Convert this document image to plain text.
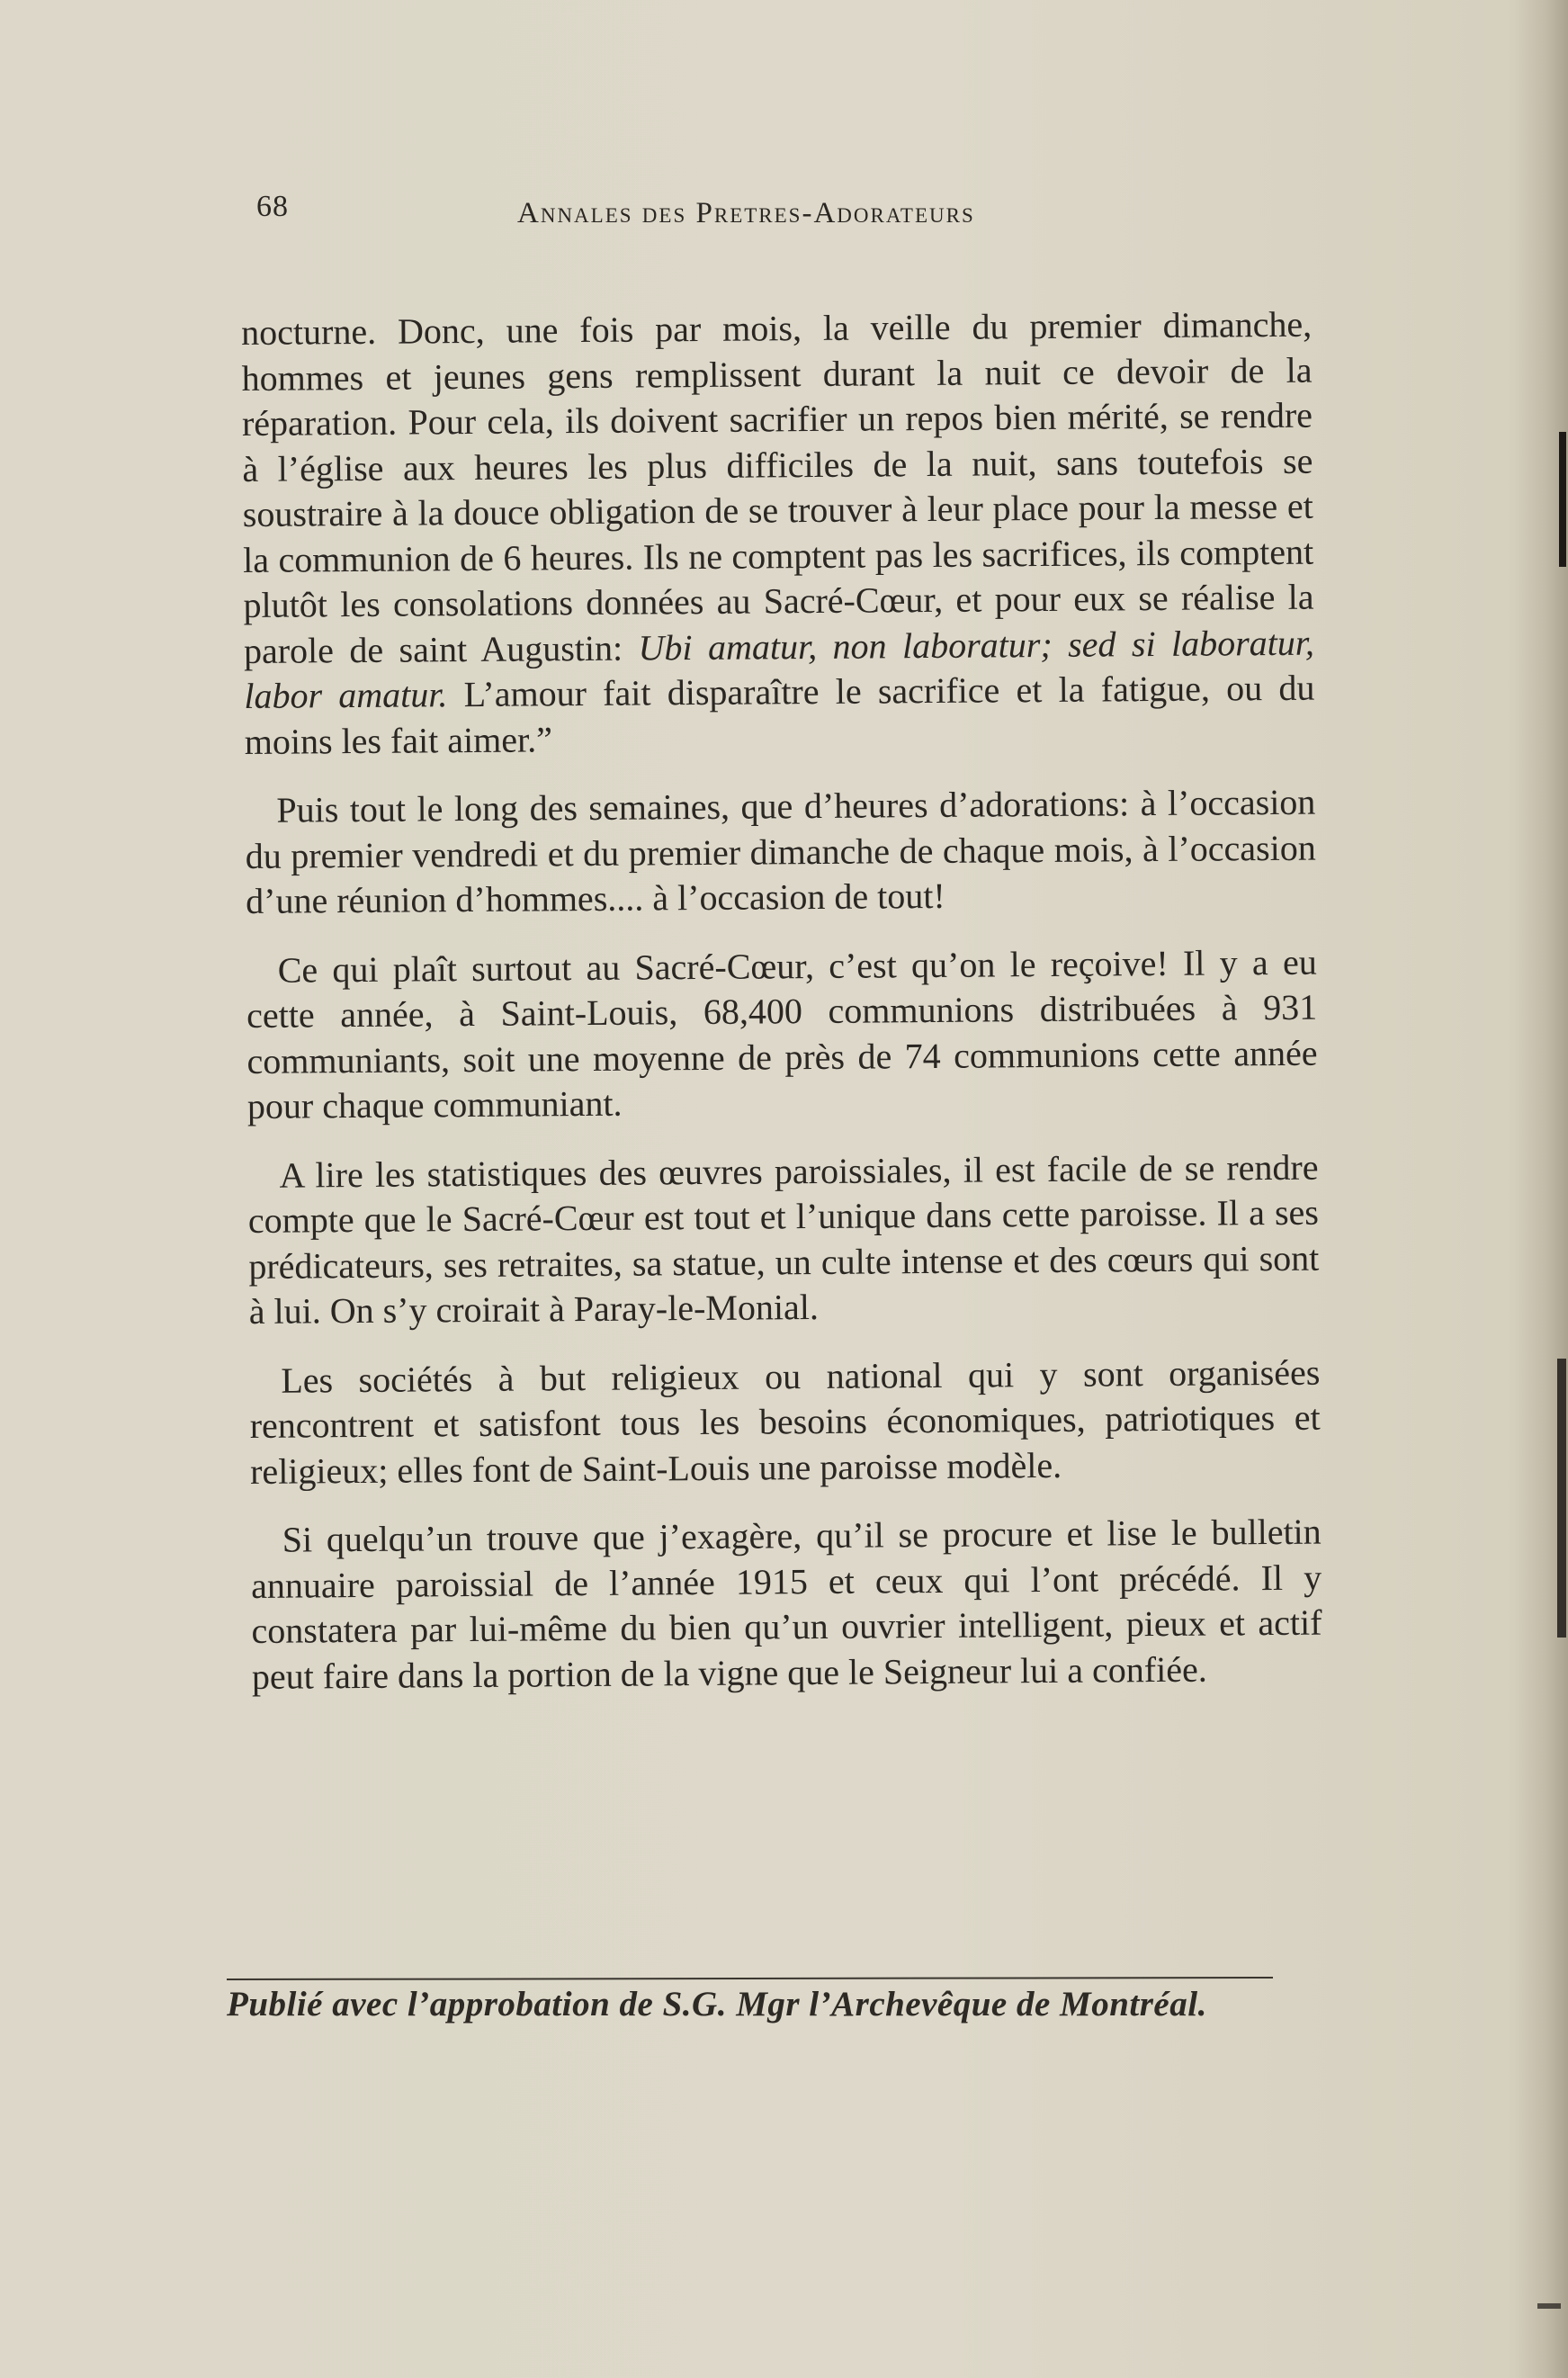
68	Annales des Pretres-Adorateurs

nocturne. Donc, une fois par mois, la veille du premier dimanche, hommes et jeunes gens remplissent durant la nuit ce devoir de la réparation. Pour cela, ils doivent sacrifier un repos bien mérité, se rendre à l’église aux heures les plus difficiles de la nuit, sans toutefois se soustraire à la douce obligation de se trouver à leur place pour la messe et la communion de 6 heures. Ils ne comptent pas les sacrifices, ils comptent plutôt les consolations données au Sacré-Cœur, et pour eux se réalise la parole de saint Augustin: Ubi amatur, non laboratur; sed si laboratur, labor amatur. L’amour fait disparaître le sacrifice et la fatigue, ou du moins les fait aimer.”

Puis tout le long des semaines, que d’heures d’adorations: à l’occasion du premier vendredi et du premier dimanche de chaque mois, à l’occasion d’une réunion d’hommes.... à l’occasion de tout!

Ce qui plaît surtout au Sacré-Cœur, c’est qu’on le reçoive! Il y a eu cette année, à Saint-Louis, 68,400 communions distribuées à 931 communiants, soit une moyenne de près de 74 communions cette année pour chaque communiant.

A lire les statistiques des œuvres paroissiales, il est facile de se rendre compte que le Sacré-Cœur est tout et l’unique dans cette paroisse. Il a ses prédicateurs, ses retraites, sa statue, un culte intense et des cœurs qui sont à lui. On s’y croirait à Paray-le-Monial.

Les sociétés à but religieux ou national qui y sont organisées rencontrent et satisfont tous les besoins économiques, patriotiques et religieux; elles font de Saint-Louis une paroisse modèle.

Si quelqu’un trouve que j’exagère, qu’il se procure et lise le bulletin annuaire paroissial de l’année 1915 et ceux qui l’ont précédé. Il y constatera par lui-même du bien qu’un ouvrier intelligent, pieux et actif peut faire dans la portion de la vigne que le Seigneur lui a confiée.

Publié avec l’approbation de S.G. Mgr l’Archevêque de Montréal.
